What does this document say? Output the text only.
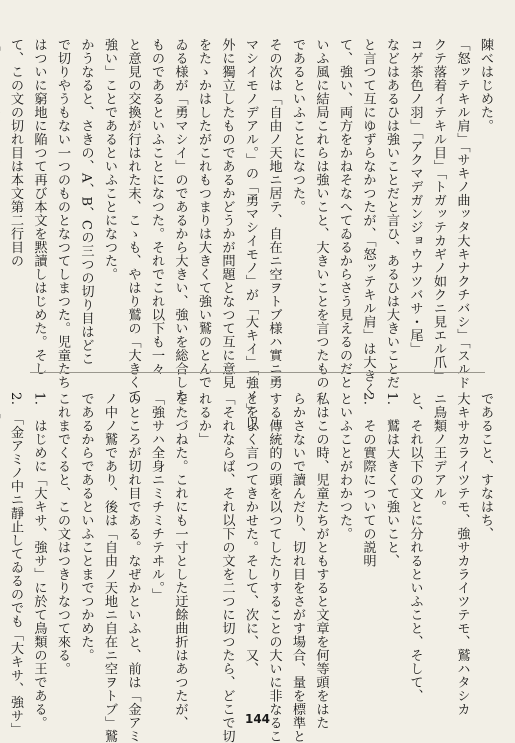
陳べはじめた。
「怒ッテキル肩」「サキノ曲ッタ大キナクチバシ」「スルド
クテ落着イテキル目」「トガッテカギノ如クニ見エル爪」
コゲ茶色ノ羽」「アクマデガンジョウナツバサ・尾」
などはあるひは強いことだと言ひ、あるひは大きいことだ
と言つて互にゆずらなかつたが、「怒ッテキル肩」は大きく
て、強い、両方をかねそなへてゐるからさう見えるのだと
いふ風に結局これらは強いこと、大きいことを言つたもの
であるといふことになつた。
その次は「自由ノ天地ニ居テ、自在ニ空ヲトブ様ハ實ニ勇
マシイモノデアル。」の「勇マシイモノ」が「大キイ」「強イ」以
外に獨立したものであるかどうかが問題となつて互に意見
をたゝかはしたがこれもつまりは大きくて強い鷲のとんで
ゐる様が「勇マシイ」のであるから大きい、強いを総合した
ものであるといふことになつた。それでこれ以下も一々
と意見の交換が行はれた末、こゝも、やはり鷲の「大きくて
強い」ことであるといふことになつた。
かうなると、さきの、A、B、Cの三つの切り目はどこ
で切りやうもない一つのものとなつてしまつた。児童たち
はついに窮地に陥つて再び本文を黙讀しはじめた。そし
て、この文の切れ目は本文第二行目の
であること、すなはち、
大キサカライツテモ、強サカライツテモ、鷲ハタシカ
ニ鳥類ノ王デアル。
と、それ以下の文とに分れるといふこと、そして、
1.　鷲は大きくて強いこと、
2.　その實際についての説明
といふことがわかつた。
私はこの時、児童たちがともすると文章を何等頭をはた
らかさないで讀んだり、切れ目をさがす場合、量を標準と
する傳統的の頭を以つてしたりすることの大いに非なるこ
とをよく言つてきかせた。そして、次に、又、
「それならば、それ以下の文を二つに切つたら、どこで切
れるか」
をたづねた。これにも一寸とした迂餘曲折はあつたが、
「強サハ全身ニミチミチテヰル。」
のところが切れ目である。なぜかといふと、前は「金アミ
ノ中ノ鷲であり、後は「自由ノ天地ニ自在ニ空ヲトブ」鷲
であるからであるといふことまでつかめた。
これまでくると、この文はつきりなつて來る。
1.　はじめに「大キサ、強サ」に於て鳥類の王である。
2.　「金アミノ中ニ靜止してゐるのでも「大キサ、強サ」	144
